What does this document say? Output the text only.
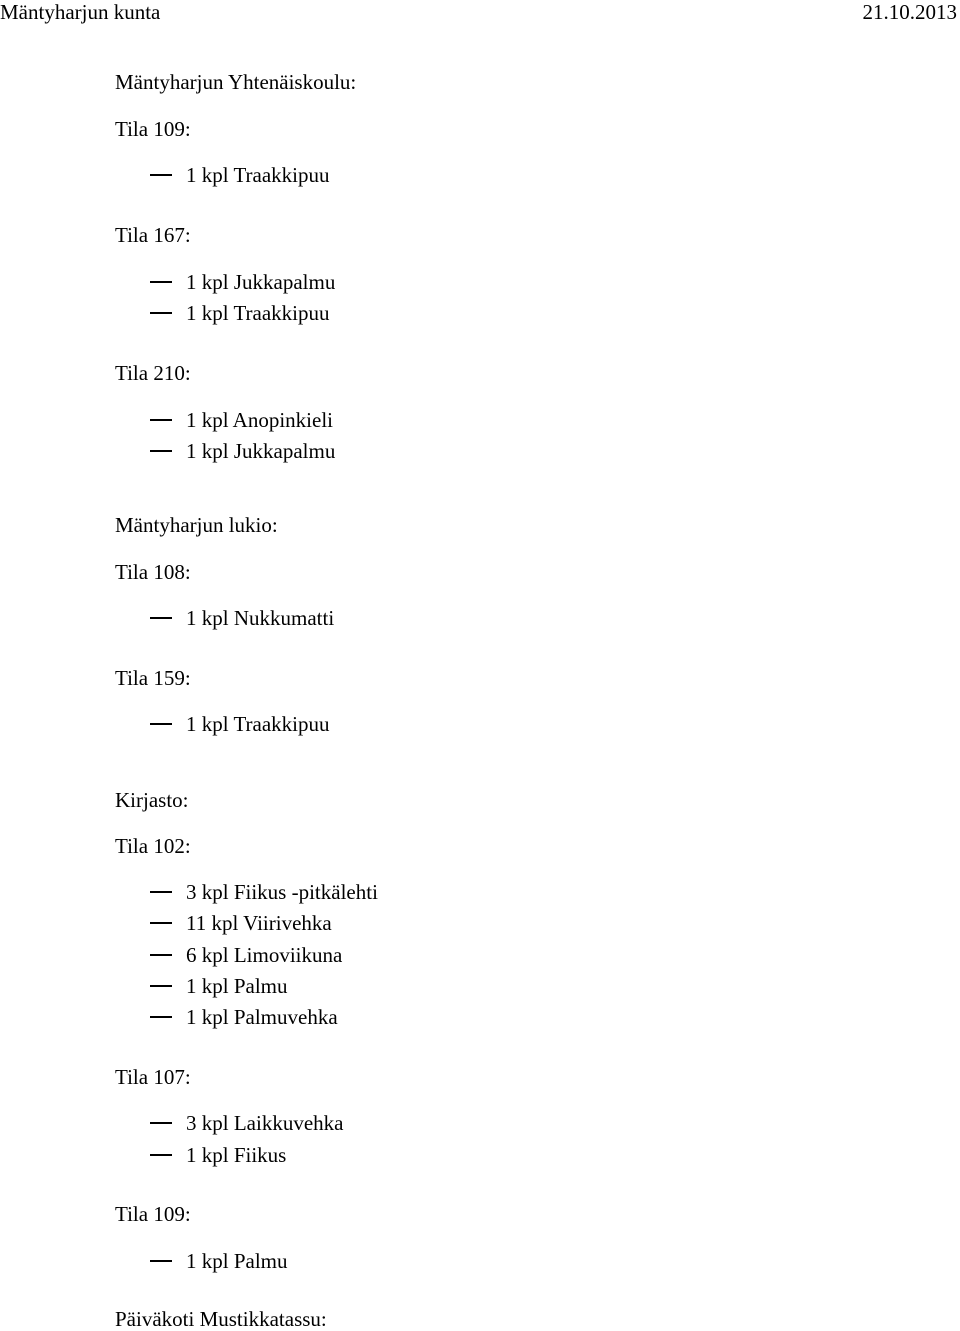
Mäntyharjun kunta	21.10.2013
Mäntyharjun Yhtenäiskoulu:
Tila 109:
1 kpl Traakkipuu
Tila 167:
1 kpl Jukkapalmu
1 kpl Traakkipuu
Tila 210:
1 kpl Anopinkieli
1 kpl Jukkapalmu
Mäntyharjun lukio:
Tila 108:
1 kpl Nukkumatti
Tila 159:
1 kpl Traakkipuu
Kirjasto:
Tila 102:
3 kpl Fiikus -pitkälehti
11 kpl Viirivehka
6 kpl Limoviikuna
1 kpl Palmu
1 kpl Palmuvehka
Tila 107:
3 kpl Laikkuvehka
1 kpl Fiikus
Tila 109:
1 kpl Palmu
Päiväkoti Mustikkatassu:
